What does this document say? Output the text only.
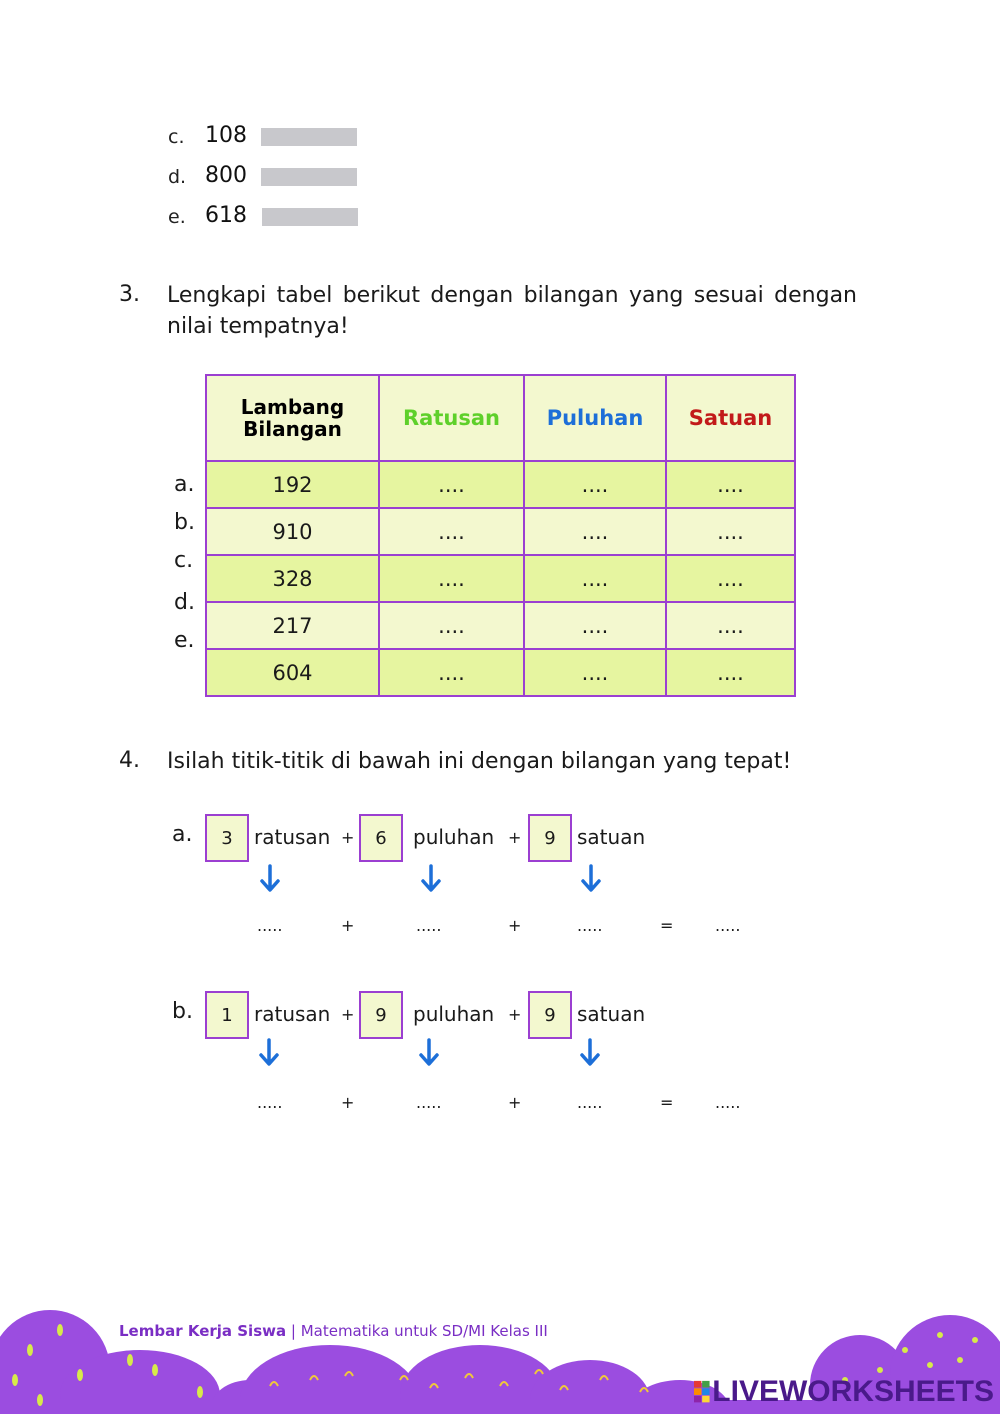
c. 108
d. 800
e. 618
3. Lengkapi tabel berikut dengan bilangan yang sesuai dengan nilai tempatnya!
a.
b.
c.
d.
e.
Lambang Bilangan	Ratusan	Puluhan	Satuan
192	....	....	....
910	....	....	....
328	....	....	....
217	....	....	....
604	....	....	....
4. Isilah titik-titik di bawah ini dengan bilangan yang tepat!
a.	3	ratusan +	6	puluhan +	9	satuan
.....	+	.....	+	.....	=	.....
b.	1	ratusan +	9	puluhan +	9	satuan
.....	+	.....	+	.....	=	.....
Lembar Kerja Siswa | Matematika untuk SD/MI Kelas III
LIVEWORKSHEETS
